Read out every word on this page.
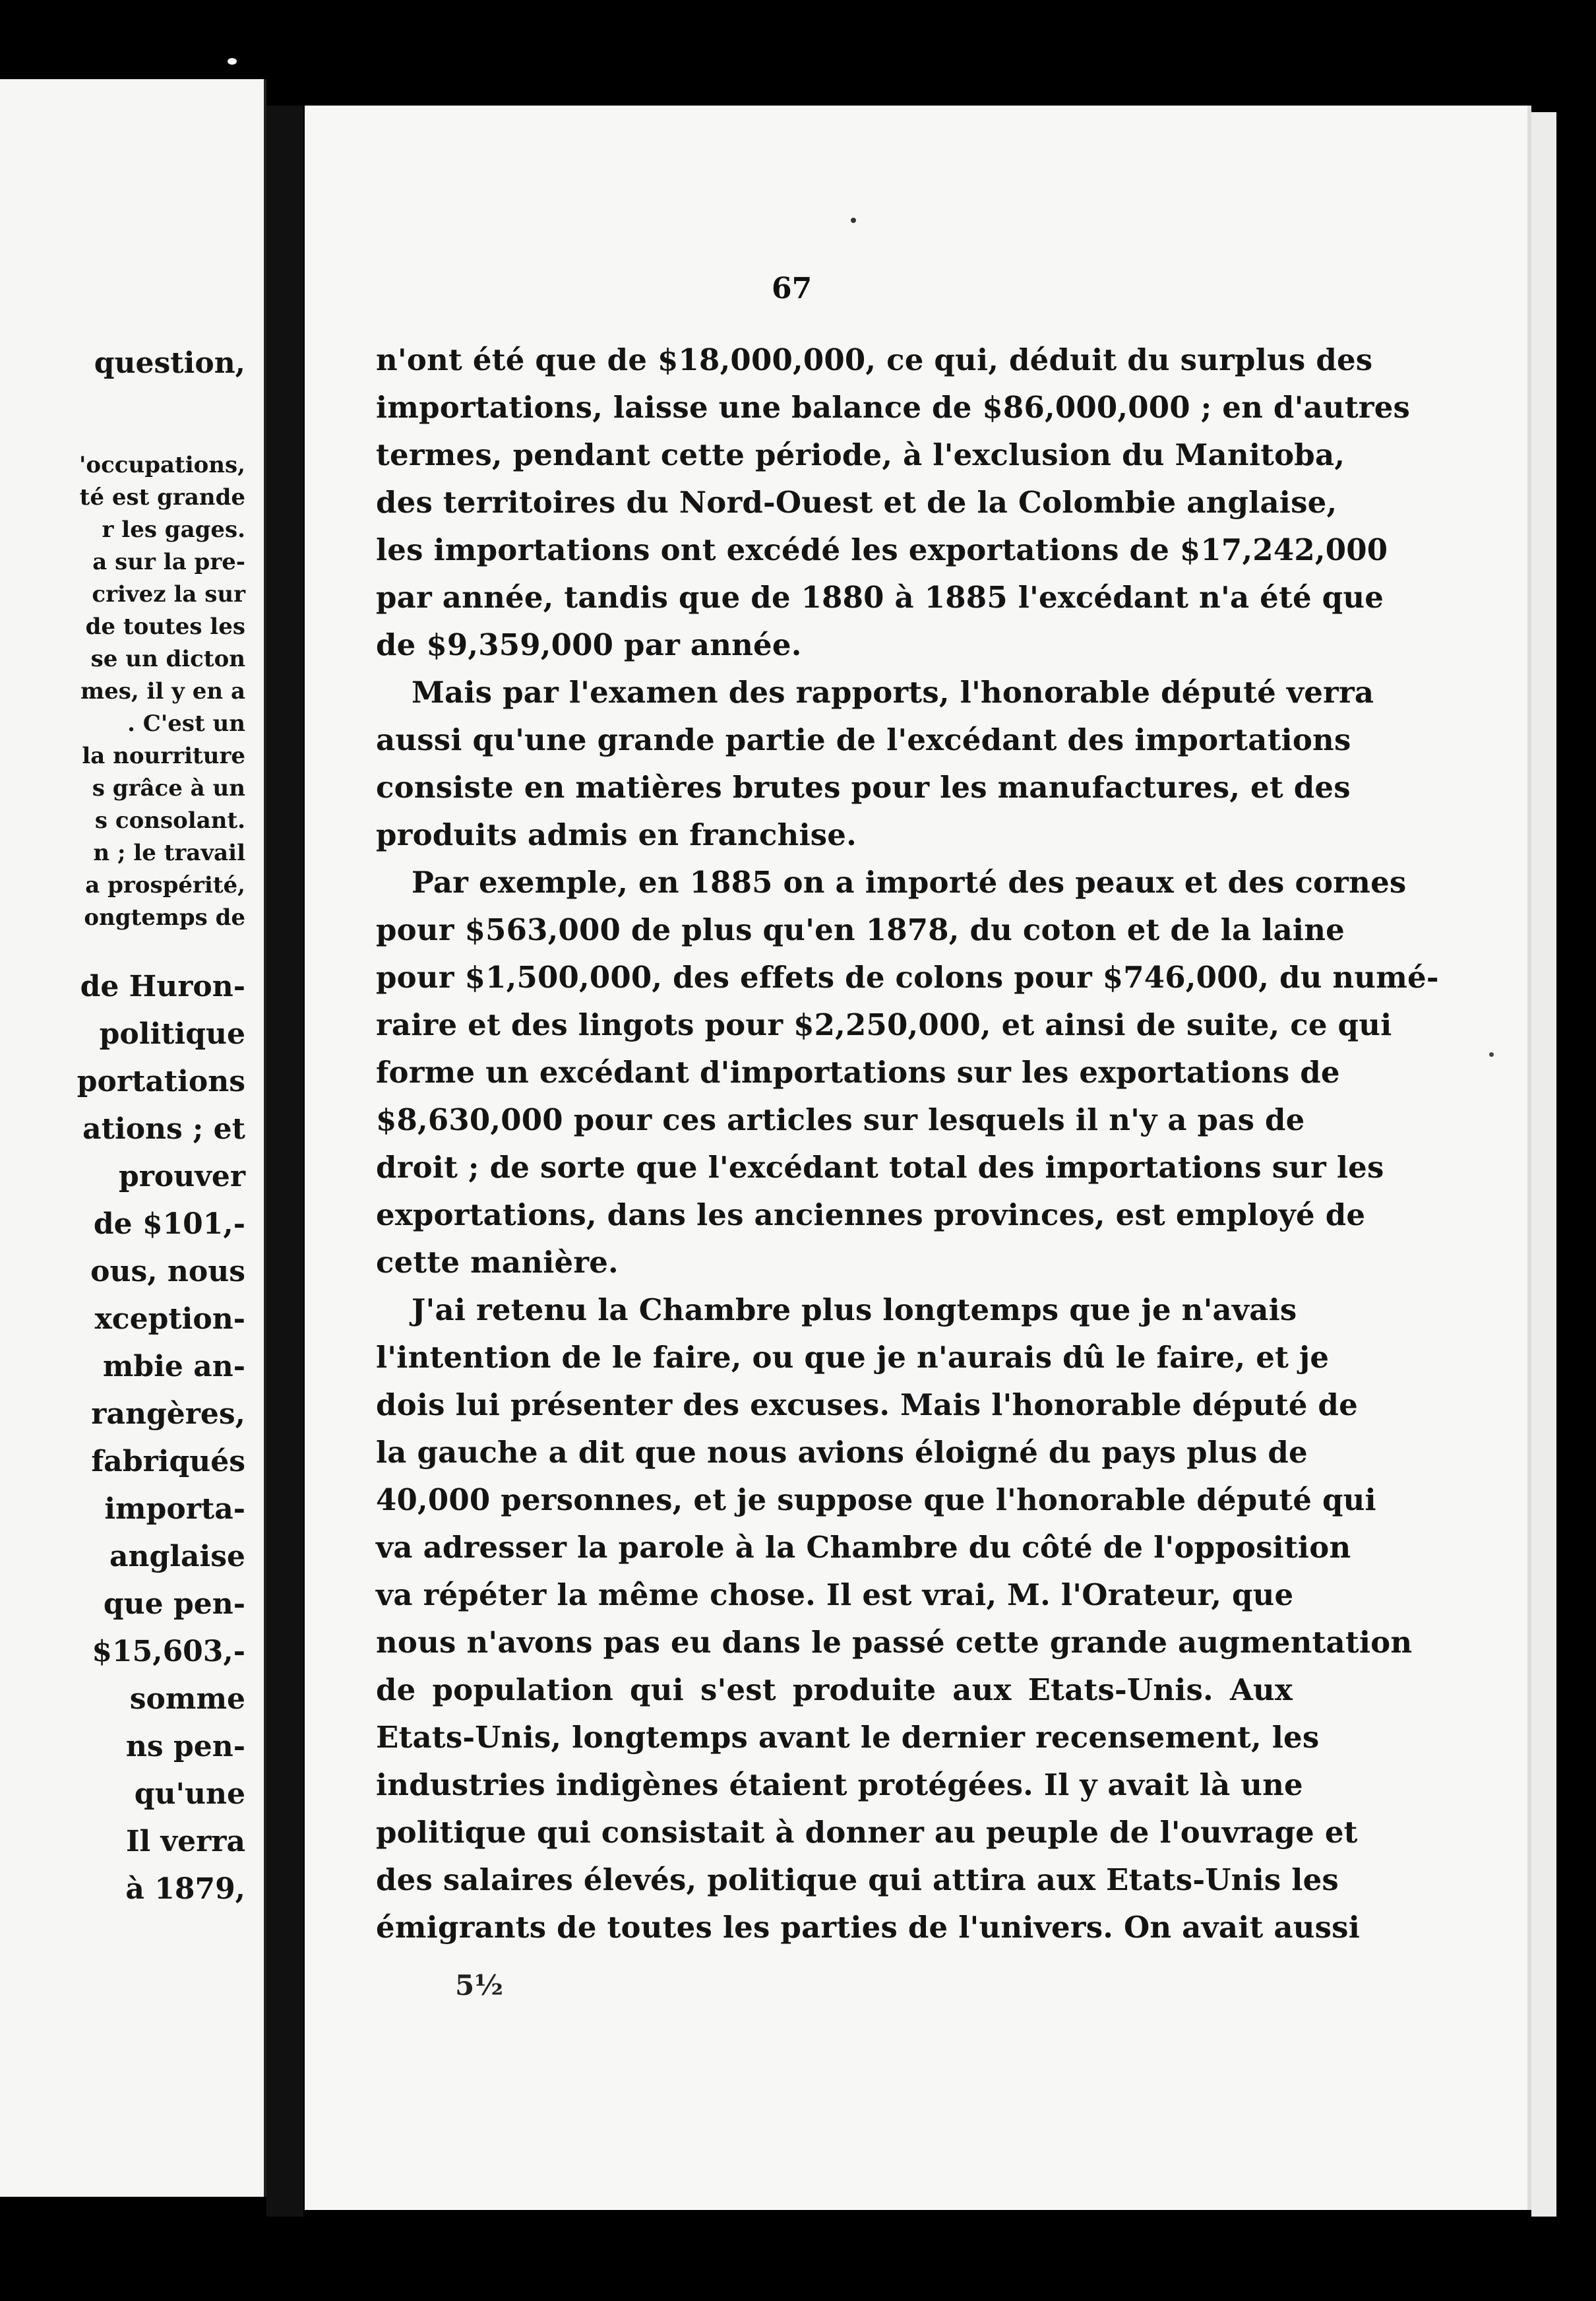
question,
'occupations,
té est grande
r les gages.
a sur la pre-
crivez la sur
de toutes les
se un dicton
mes, il y en a
. C'est un
la nourriture
s grâce à un
s consolant.
n ; le travail
a prospérité,
ongtemps de
de Huron-
politique
portations
ations ; et
prouver
de $101,-
ous, nous
xception-
mbie an-
rangères,
fabriqués
importa-
anglaise
que pen-
$15,603,-
somme
ns pen-
qu'une
Il verra
à 1879,
67

n'ont été que de $18,000,000, ce qui, déduit du surplus des

importations, laisse une balance de $86,000,000 ; en d'autres

termes, pendant cette période, à l'exclusion du Manitoba,

des territoires du Nord-Ouest et de la Colombie anglaise,

les importations ont excédé les exportations de $17,242,000

par année, tandis que de 1880 à 1885 l'excédant n'a été que

de $9,359,000 par année.

Mais par l'examen des rapports, l'honorable député verra

aussi qu'une grande partie de l'excédant des importations

consiste en matières brutes pour les manufactures, et des

produits admis en franchise.

Par exemple, en 1885 on a importé des peaux et des cornes

pour $563,000 de plus qu'en 1878, du coton et de la laine

pour $1,500,000, des effets de colons pour $746,000, du numé-

raire et des lingots pour $2,250,000, et ainsi de suite, ce qui

forme un excédant d'importations sur les exportations de

$8,630,000 pour ces articles sur lesquels il n'y a pas de

droit ; de sorte que l'excédant total des importations sur les

exportations, dans les anciennes provinces, est employé de

cette manière.

J'ai retenu la Chambre plus longtemps que je n'avais

l'intention de le faire, ou que je n'aurais dû le faire, et je

dois lui présenter des excuses. Mais l'honorable député de

la gauche a dit que nous avions éloigné du pays plus de

40,000 personnes, et je suppose que l'honorable député qui

va adresser la parole à la Chambre du côté de l'opposition

va répéter la même chose. Il est vrai, M. l'Orateur, que

nous n'avons pas eu dans le passé cette grande augmentation

de population qui s'est produite aux Etats-Unis. Aux

Etats-Unis, longtemps avant le dernier recensement, les

industries indigènes étaient protégées. Il y avait là une

politique qui consistait à donner au peuple de l'ouvrage et

des salaires élevés, politique qui attira aux Etats-Unis les

émigrants de toutes les parties de l'univers. On avait aussi

5½
